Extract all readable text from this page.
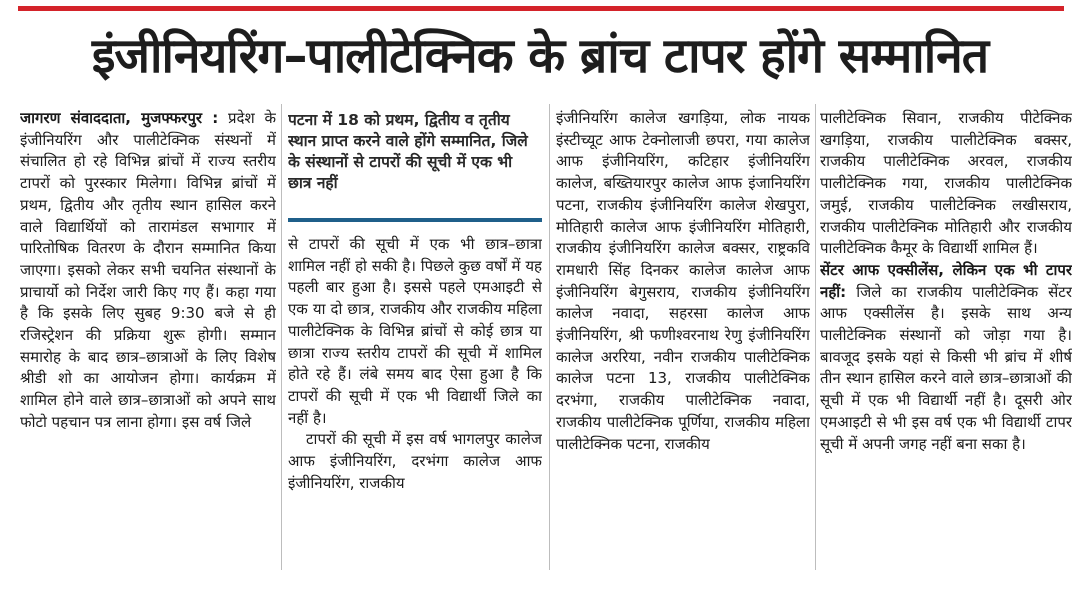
इंजीनियरिंग–पालीटेक्निक के ब्रांच टापर होंगे सम्मानित

जागरण संवाददाता, मुजफ्फरपुर : प्रदेश के इंजीनियरिंग और पालीटेक्निक संस्थनों में संचालित हो रहे विभिन्न ब्रांचों में राज्य स्तरीय टापरों को पुरस्कार मिलेगा। विभिन्न ब्रांचों में प्रथम, द्वितीय और तृतीय स्थान हासिल करने वाले विद्यार्थियों को तारामंडल सभागार में पारितोषिक वितरण के दौरान सम्मानित किया जाएगा। इसको लेकर सभी चयनित संस्थानों के प्राचार्यो को निर्देश जारी किए गए हैं। कहा गया है कि इसके लिए सुबह 9:30 बजे से ही रजिस्ट्रेशन की प्रक्रिया शुरू होगी। सम्मान समारोह के बाद छात्र–छात्राओं के लिए विशेष श्रीडी शो का आयोजन होगा। कार्यक्रम में शामिल होने वाले छात्र–छात्राओं को अपने साथ फोटो पहचान पत्र लाना होगा। इस वर्ष जिले

पटना में 18 को प्रथम, द्वितीय व तृतीय स्थान प्राप्त करने वाले होंगे सम्मानित, जिले के संस्थानों से टापरों की सूची में एक भी छात्र नहीं

से टापरों की सूची में एक भी छात्र–छात्रा शामिल नहीं हो सकी है। पिछले कुछ वर्षों में यह पहली बार हुआ है। इससे पहले एमआइटी से एक या दो छात्र, राजकीय और राजकीय महिला पालीटेक्निक के विभिन्न ब्रांचों से कोई छात्र या छात्रा राज्य स्तरीय टापरों की सूची में शामिल होते रहे हैं। लंबे समय बाद ऐसा हुआ है कि टापरों की सूची में एक भी विद्यार्थी जिले का नहीं है।

टापरों की सूची में इस वर्ष भागलपुर कालेज आफ इंजीनियरिंग, दरभंगा कालेज आफ इंजीनियरिंग, राजकीय

इंजीनियरिंग कालेज खगड़िया, लोक नायक इंस्टीच्यूट आफ टेक्नोलाजी छपरा, गया कालेज आफ इंजीनियरिंग, कटिहार इंजीनियरिंग कालेज, बख्तियारपुर कालेज आफ इंजानियरिंग पटना, राजकीय इंजीनियरिंग कालेज शेखपुरा, मोतिहारी कालेज आफ इंजीनियरिंग मोतिहारी, राजकीय इंजीनियरिंग कालेज बक्सर, राष्ट्रकवि रामधारी सिंह दिनकर कालेज कालेज आफ इंजीनियरिंग बेगुसराय, राजकीय इंजीनियरिंग कालेज नवादा, सहरसा कालेज आफ इंजीनियरिंग, श्री फणीश्वरनाथ रेणु इंजीनियरिंग कालेज अररिया, नवीन राजकीय पालीटेक्निक कालेज पटना 13, राजकीय पालीटेक्निक दरभंगा, राजकीय पालीटेक्निक नवादा, राजकीय पालीटेक्निक पूर्णिया, राजकीय महिला पालीटेक्निक पटना, राजकीय

पालीटेक्निक सिवान, राजकीय पीटेक्निक खगड़िया, राजकीय पालीटेक्निक बक्सर, राजकीय पालीटेक्निक अरवल, राजकीय पालीटेक्निक गया, राजकीय पालीटेक्निक जमुई, राजकीय पालीटेक्निक लखीसराय, राजकीय पालीटेक्निक मोतिहारी और राजकीय पालीटेक्निक कैमूर के विद्यार्थी शामिल हैं।

सेंटर आफ एक्सीलेंस, लेकिन एक भी टापर नहीं: जिले का राजकीय पालीटेक्निक सेंटर आफ एक्सीलेंस है। इसके साथ अन्य पालीटेक्निक संस्थानों को जोड़ा गया है। बावजूद इसके यहां से किसी भी ब्रांच में शीर्ष तीन स्थान हासिल करने वाले छात्र–छात्राओं की सूची में एक भी विद्यार्थी नहीं है। दूसरी ओर एमआइटी से भी इस वर्ष एक भी विद्यार्थी टापर सूची में अपनी जगह नहीं बना सका है।
